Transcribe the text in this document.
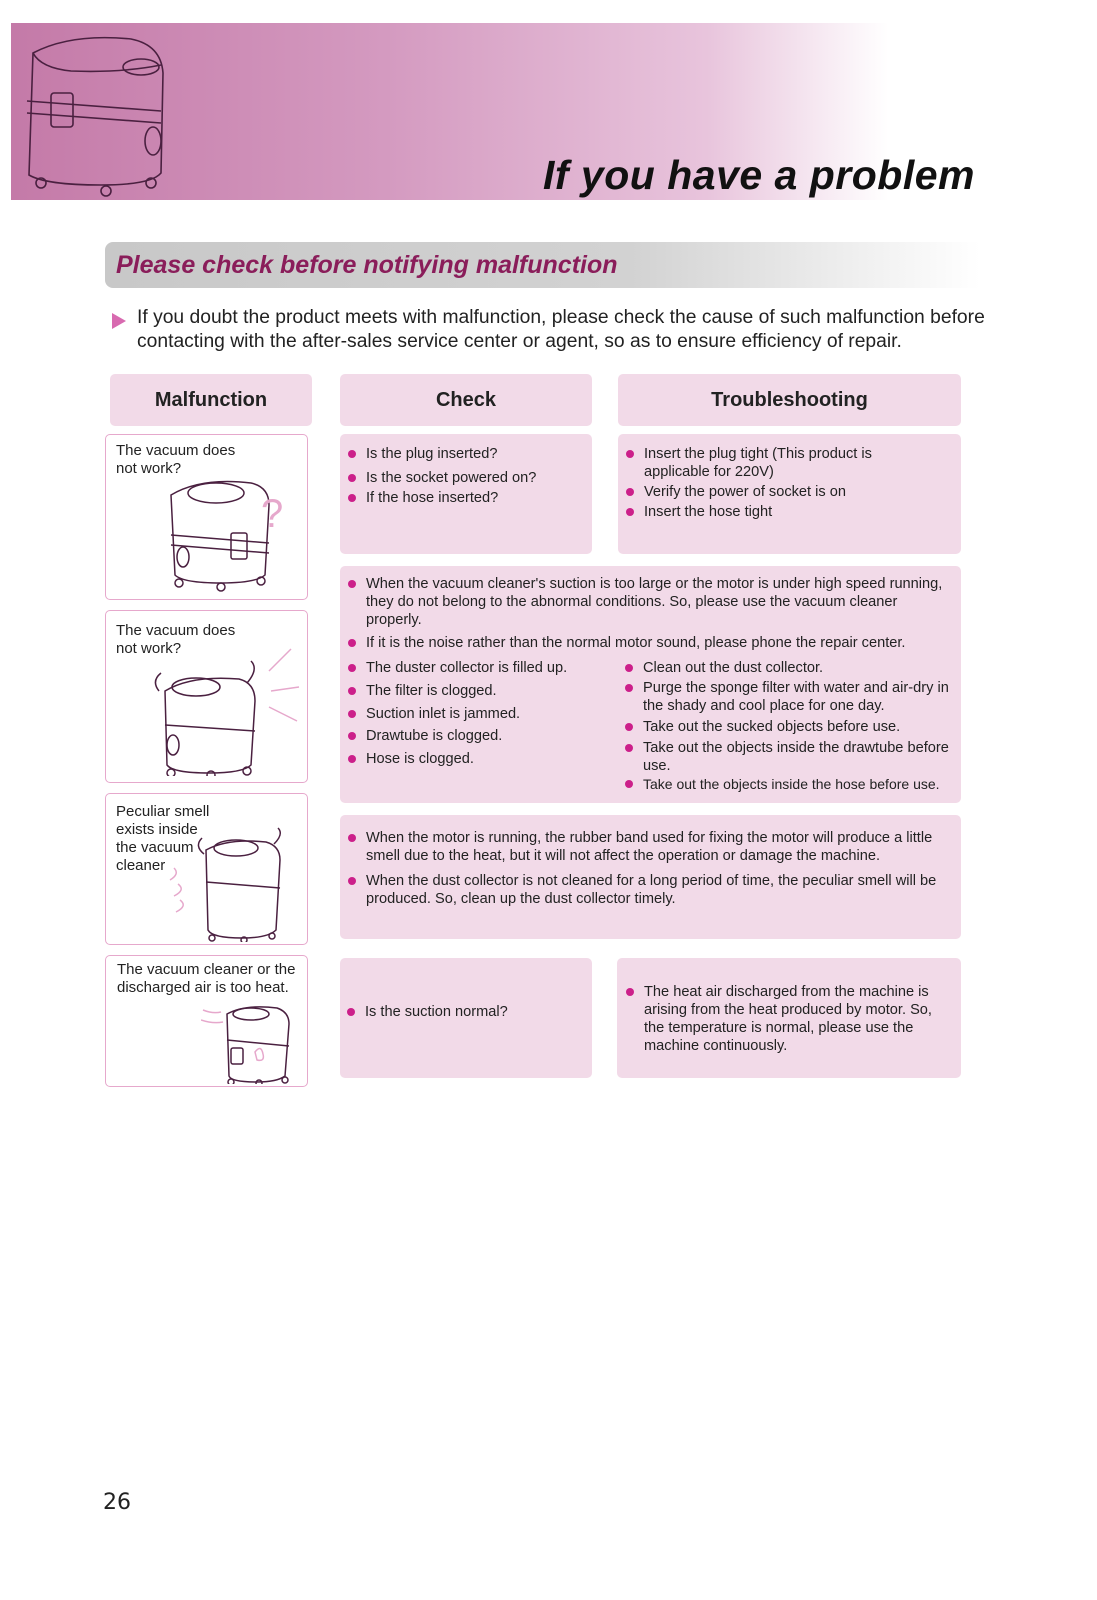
If you have a problem
Please check before notifying malfunction
If you doubt the product meets with malfunction, please check the cause of such malfunction before contacting with the after-sales service center or agent, so as to ensure efficiency of repair.
Malfunction	Check	Troubleshooting
The vacuum does not work?
?
The vacuum does not work?
Peculiar smell exists inside the vacuum cleaner
The vacuum cleaner or the discharged air is too heat.
Is the plug inserted?
Is the socket powered on?
If the hose inserted?
Insert the plug tight (This product is applicable for 220V)
Verify the power of socket is on
Insert the hose tight
When the vacuum cleaner's suction is too large or the motor is under high speed running, they do not belong to the abnormal conditions. So, please use the vacuum cleaner properly.
If it is the noise rather than the normal motor sound, please phone the repair center.
The duster collector is filled up.
The filter is clogged.
Suction inlet is jammed.
Drawtube is clogged.
Hose is clogged.
Clean out the dust collector.
Purge the sponge filter with water and air-dry in the shady and cool place for one day.
Take out the sucked objects before use.
Take out the objects inside the drawtube before use.
Take out the objects inside the hose before use.
When the motor is running, the rubber band used for fixing the motor will produce a little smell due to the heat, but it will not affect the operation or damage the machine.
When the dust collector is not cleaned for a long period of time, the peculiar smell will be produced. So, clean up the dust collector timely.
Is the suction normal?
The heat air discharged from the machine is arising from the heat produced by motor. So, the temperature is normal, please use the machine continuously.
26
